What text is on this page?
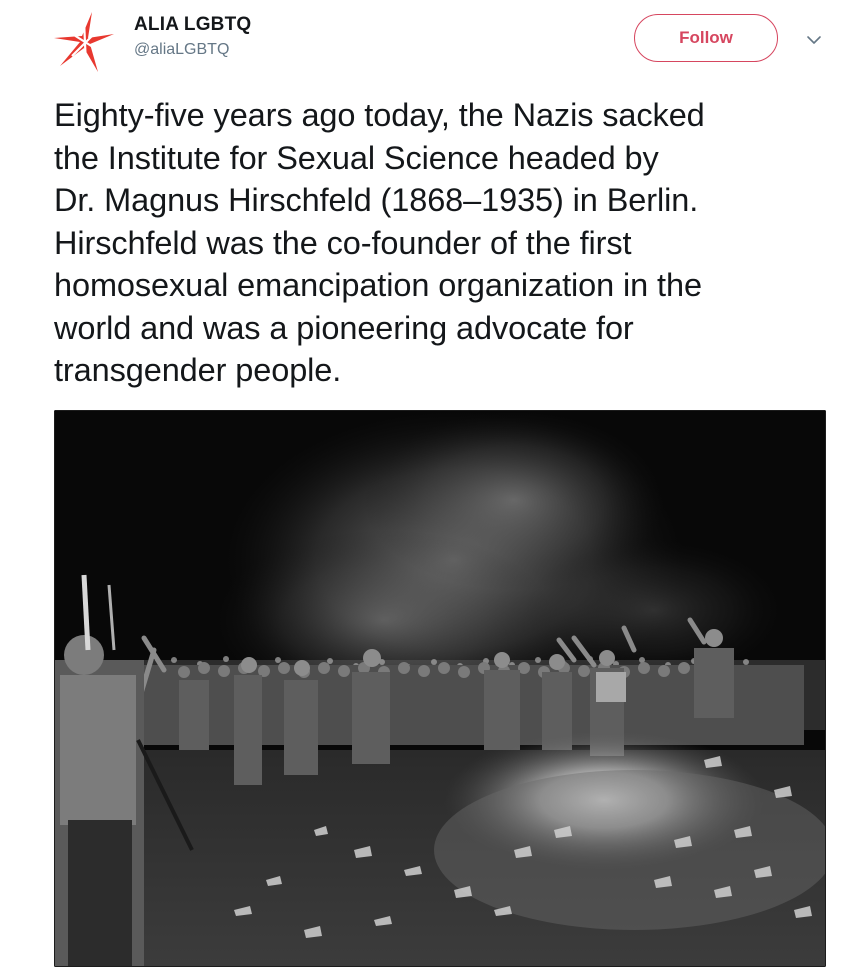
ALIA LGBTQ
@aliaLGBTQ
Follow
Eighty-five years ago today, the Nazis sacked
the Institute for Sexual Science headed by
Dr. Magnus Hirschfeld (1868–1935) in Berlin.
Hirschfeld was the co-founder of the first
homosexual emancipation organization in the
world and was a pioneering advocate for
transgender people.
